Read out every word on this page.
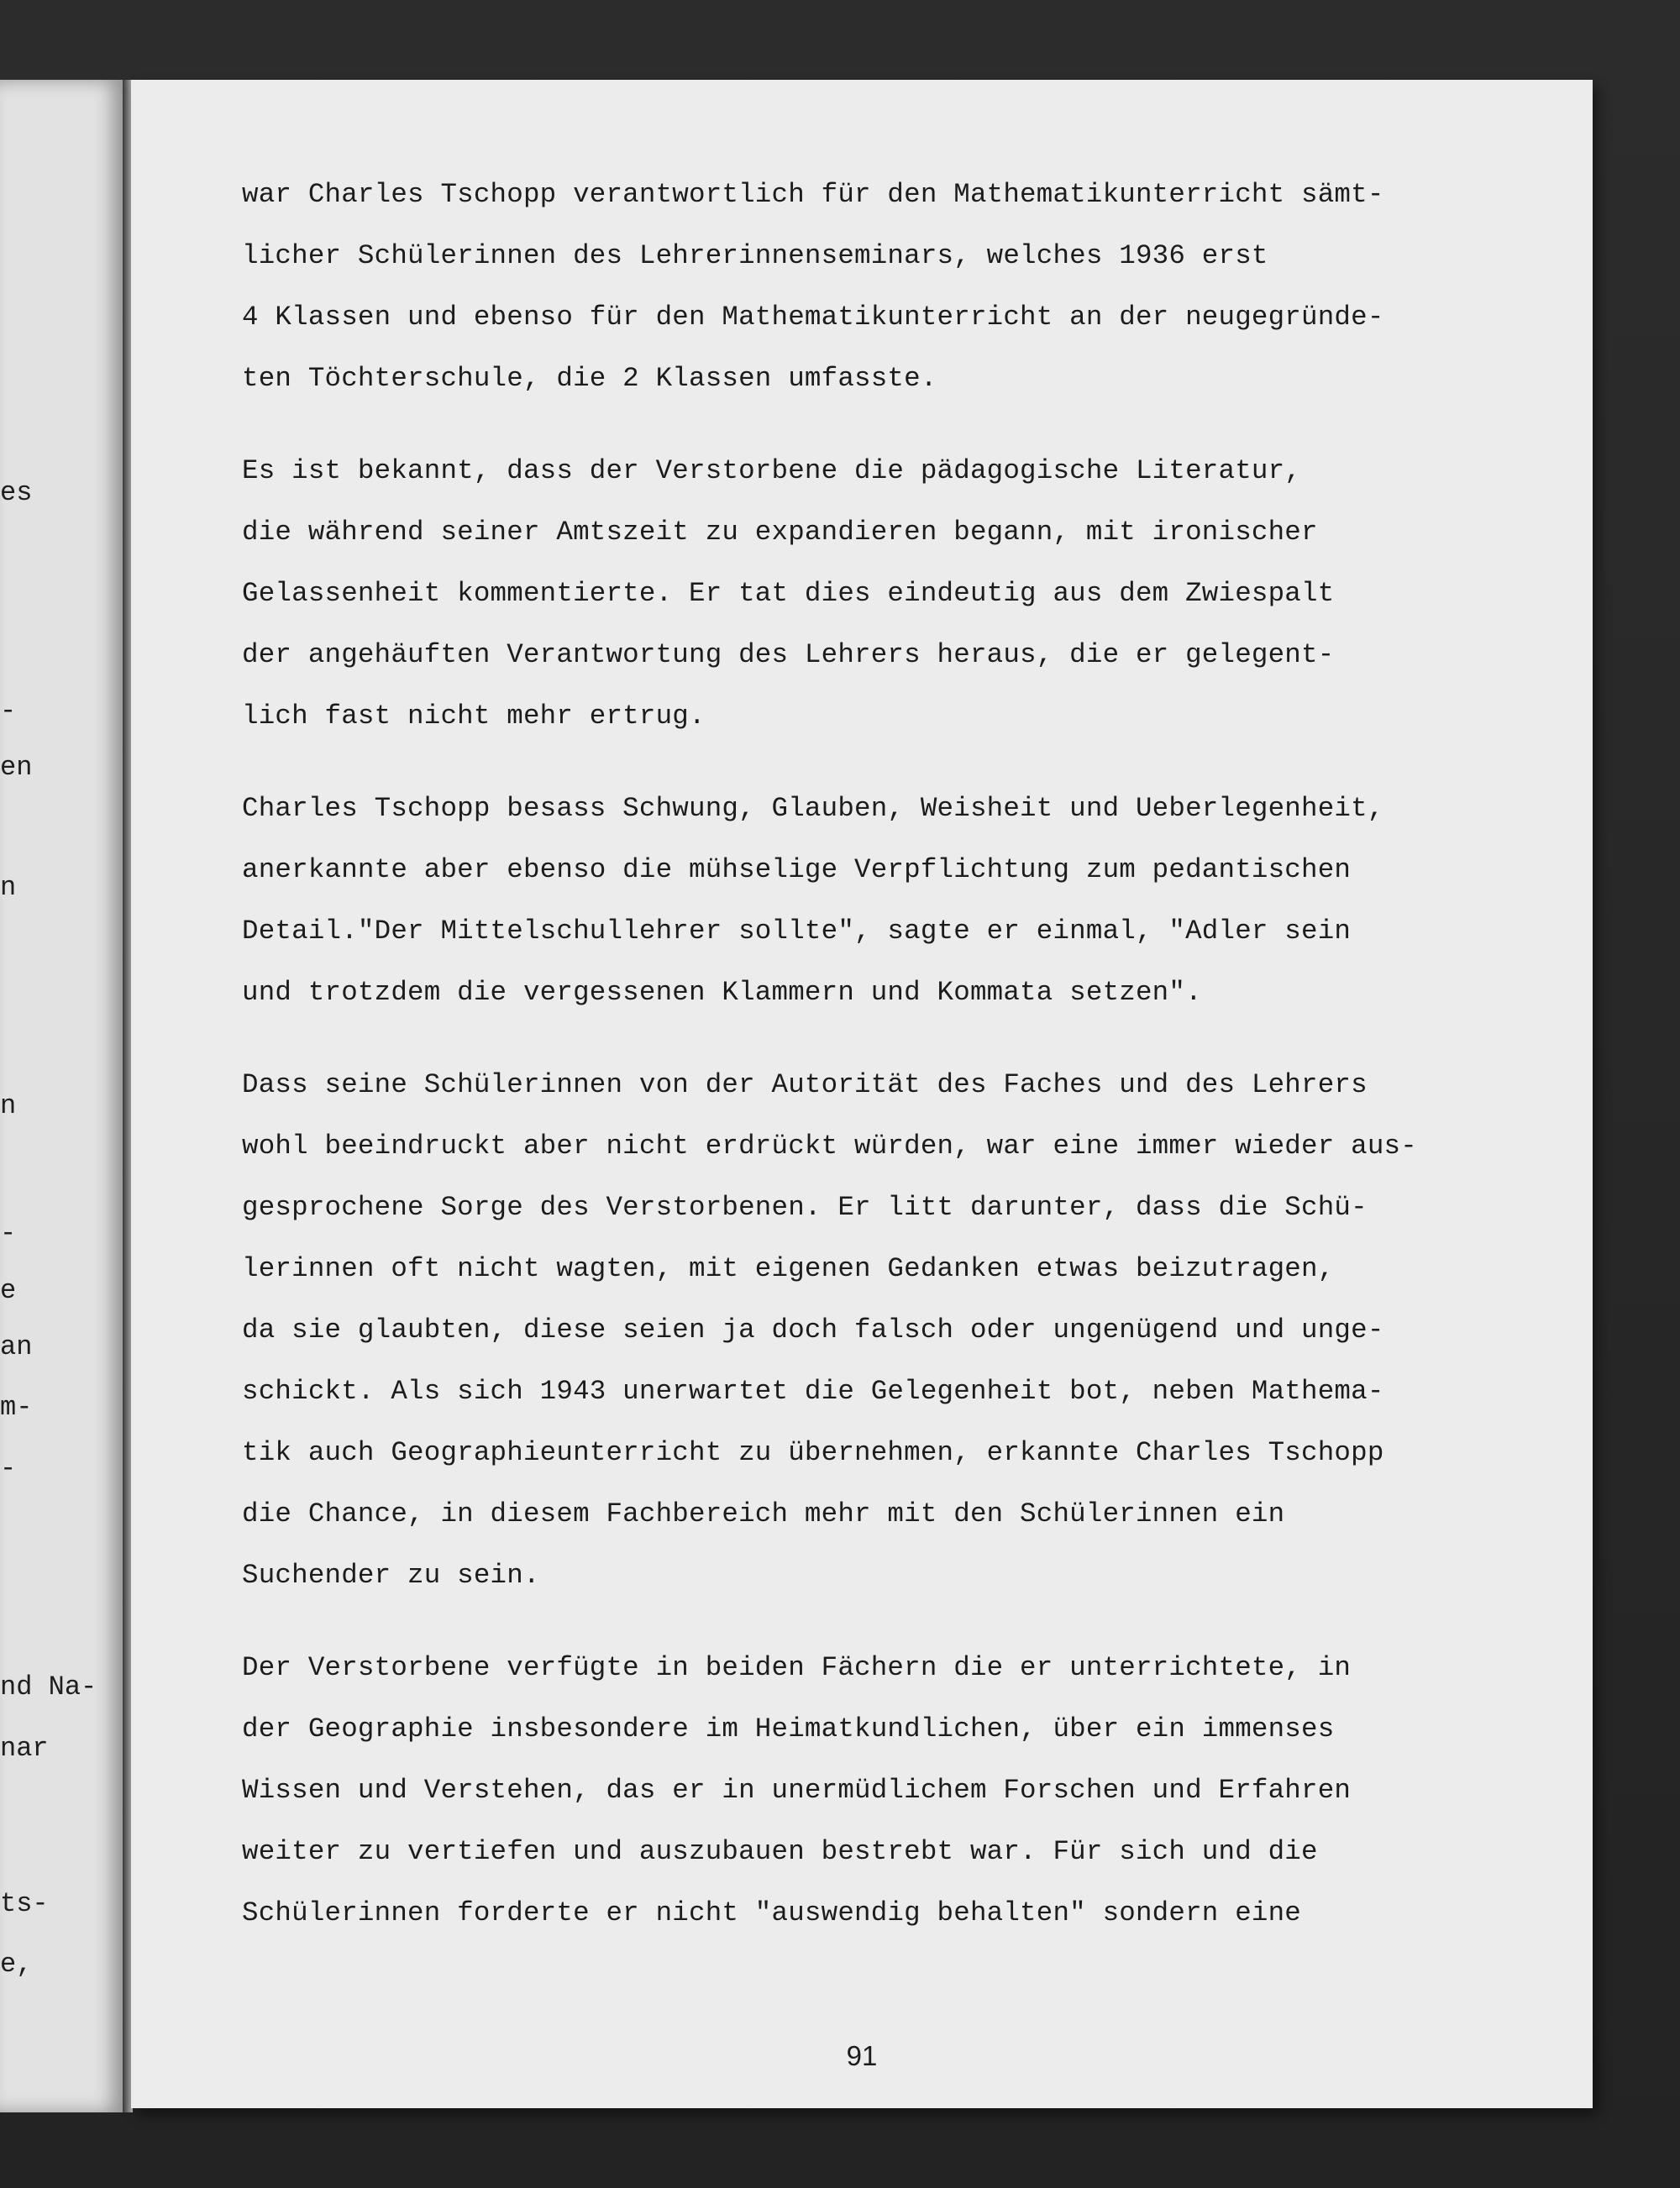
es
-
en
n
n
-
e
an
m-
-
nd Na-
nar
ts-
e,
war Charles Tschopp verantwortlich für den Mathematikunterricht sämt-
licher Schülerinnen des Lehrerinnenseminars, welches 1936 erst
4 Klassen und ebenso für den Mathematikunterricht an der neugegründe-
ten Töchterschule, die 2 Klassen umfasste.
Es ist bekannt, dass der Verstorbene die pädagogische Literatur,
die während seiner Amtszeit zu expandieren begann, mit ironischer
Gelassenheit kommentierte. Er tat dies eindeutig aus dem Zwiespalt
der angehäuften Verantwortung des Lehrers heraus, die er gelegent-
lich fast nicht mehr ertrug.
Charles Tschopp besass Schwung, Glauben, Weisheit und Ueberlegenheit,
anerkannte aber ebenso die mühselige Verpflichtung zum pedantischen
Detail."Der Mittelschullehrer sollte", sagte er einmal, "Adler sein
und trotzdem die vergessenen Klammern und Kommata setzen".
Dass seine Schülerinnen von der Autorität des Faches und des Lehrers
wohl beeindruckt aber nicht erdrückt würden, war eine immer wieder aus-
gesprochene Sorge des Verstorbenen. Er litt darunter, dass die Schü-
lerinnen oft nicht wagten, mit eigenen Gedanken etwas beizutragen,
da sie glaubten, diese seien ja doch falsch oder ungenügend und unge-
schickt. Als sich 1943 unerwartet die Gelegenheit bot, neben Mathema-
tik auch Geographieunterricht zu übernehmen, erkannte Charles Tschopp
die Chance, in diesem Fachbereich mehr mit den Schülerinnen ein
Suchender zu sein.
Der Verstorbene verfügte in beiden Fächern die er unterrichtete, in
der Geographie insbesondere im Heimatkundlichen, über ein immenses
Wissen und Verstehen, das er in unermüdlichem Forschen und Erfahren
weiter zu vertiefen und auszubauen bestrebt war. Für sich und die
Schülerinnen forderte er nicht "auswendig behalten" sondern eine
91
